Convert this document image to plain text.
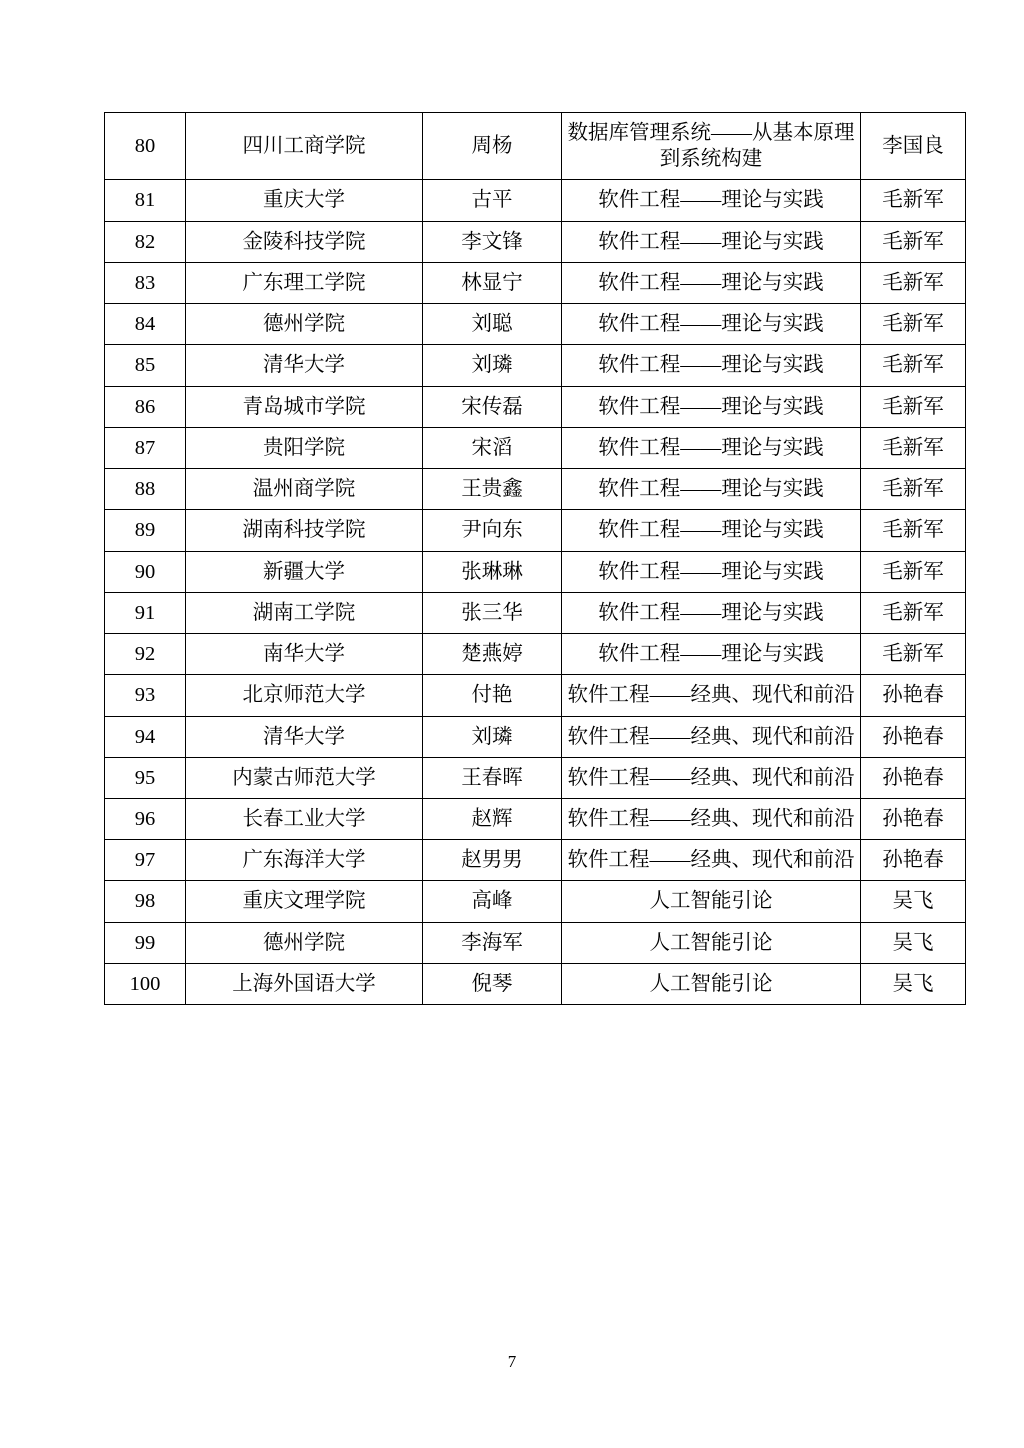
80	四川工商学院	周杨	数据库管理系统——从基本原理到系统构建	李国良
81	重庆大学	古平	软件工程——理论与实践	毛新军
82	金陵科技学院	李文锋	软件工程——理论与实践	毛新军
83	广东理工学院	林显宁	软件工程——理论与实践	毛新军
84	德州学院	刘聪	软件工程——理论与实践	毛新军
85	清华大学	刘璘	软件工程——理论与实践	毛新军
86	青岛城市学院	宋传磊	软件工程——理论与实践	毛新军
87	贵阳学院	宋滔	软件工程——理论与实践	毛新军
88	温州商学院	王贵鑫	软件工程——理论与实践	毛新军
89	湖南科技学院	尹向东	软件工程——理论与实践	毛新军
90	新疆大学	张琳琳	软件工程——理论与实践	毛新军
91	湖南工学院	张三华	软件工程——理论与实践	毛新军
92	南华大学	楚燕婷	软件工程——理论与实践	毛新军
93	北京师范大学	付艳	软件工程——经典、现代和前沿	孙艳春
94	清华大学	刘璘	软件工程——经典、现代和前沿	孙艳春
95	内蒙古师范大学	王春晖	软件工程——经典、现代和前沿	孙艳春
96	长春工业大学	赵辉	软件工程——经典、现代和前沿	孙艳春
97	广东海洋大学	赵男男	软件工程——经典、现代和前沿	孙艳春
98	重庆文理学院	高峰	人工智能引论	吴飞
99	德州学院	李海军	人工智能引论	吴飞
100	上海外国语大学	倪琴	人工智能引论	吴飞
7
